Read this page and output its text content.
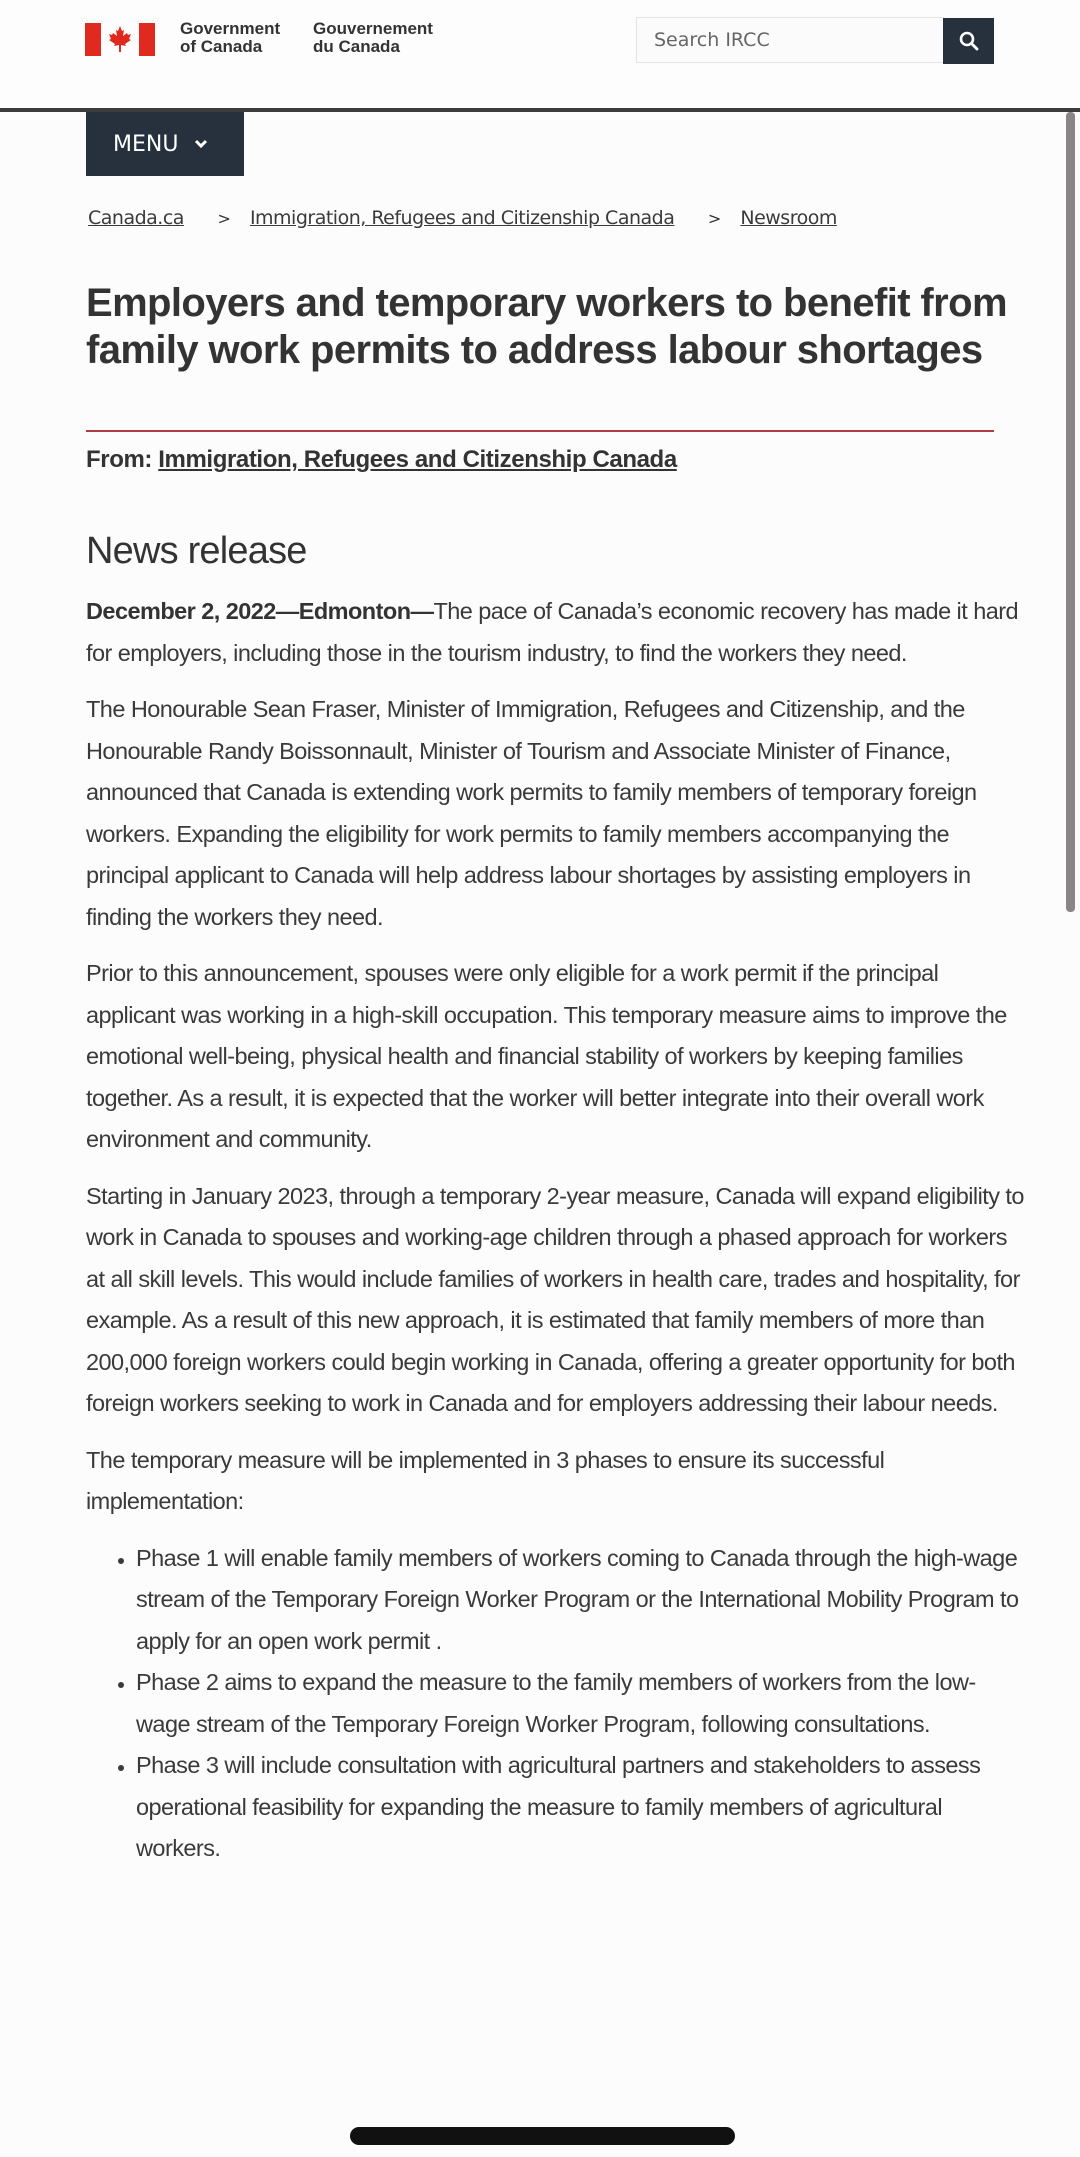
Government
of Canada
Gouvernement
du Canada
Search IRCC
MENU
Canada.ca > Immigration, Refugees and Citizenship Canada > Newsroom
Employers and temporary workers to benefit from family work permits to address labour shortages
From: Immigration, Refugees and Citizenship Canada
News release

December 2, 2022—Edmonton—The pace of Canada’s economic recovery has made it hard for employers, including those in the tourism industry, to find the workers they need.

The Honourable Sean Fraser, Minister of Immigration, Refugees and Citizenship, and the Honourable Randy Boissonnault, Minister of Tourism and Associate Minister of Finance, announced that Canada is extending work permits to family members of temporary foreign workers. Expanding the eligibility for work permits to family members accompanying the principal applicant to Canada will help address labour shortages by assisting employers in finding the workers they need.

Prior to this announcement, spouses were only eligible for a work permit if the principal applicant was working in a high-skill occupation. This temporary measure aims to improve the emotional well-being, physical health and financial stability of workers by keeping families together. As a result, it is expected that the worker will better integrate into their overall work environment and community.

Starting in January 2023, through a temporary 2-year measure, Canada will expand eligibility to work in Canada to spouses and working-age children through a phased approach for workers at all skill levels. This would include families of workers in health care, trades and hospitality, for example. As a result of this new approach, it is estimated that family members of more than 200,000 foreign workers could begin working in Canada, offering a greater opportunity for both foreign workers seeking to work in Canada and for employers addressing their labour needs.

The temporary measure will be implemented in 3 phases to ensure its successful implementation:

• Phase 1 will enable family members of workers coming to Canada through the high-wage stream of the Temporary Foreign Worker Program or the International Mobility Program to apply for an open work permit .
• Phase 2 aims to expand the measure to the family members of workers from the low-wage stream of the Temporary Foreign Worker Program, following consultations.
• Phase 3 will include consultation with agricultural partners and stakeholders to assess operational feasibility for expanding the measure to family members of agricultural workers.
